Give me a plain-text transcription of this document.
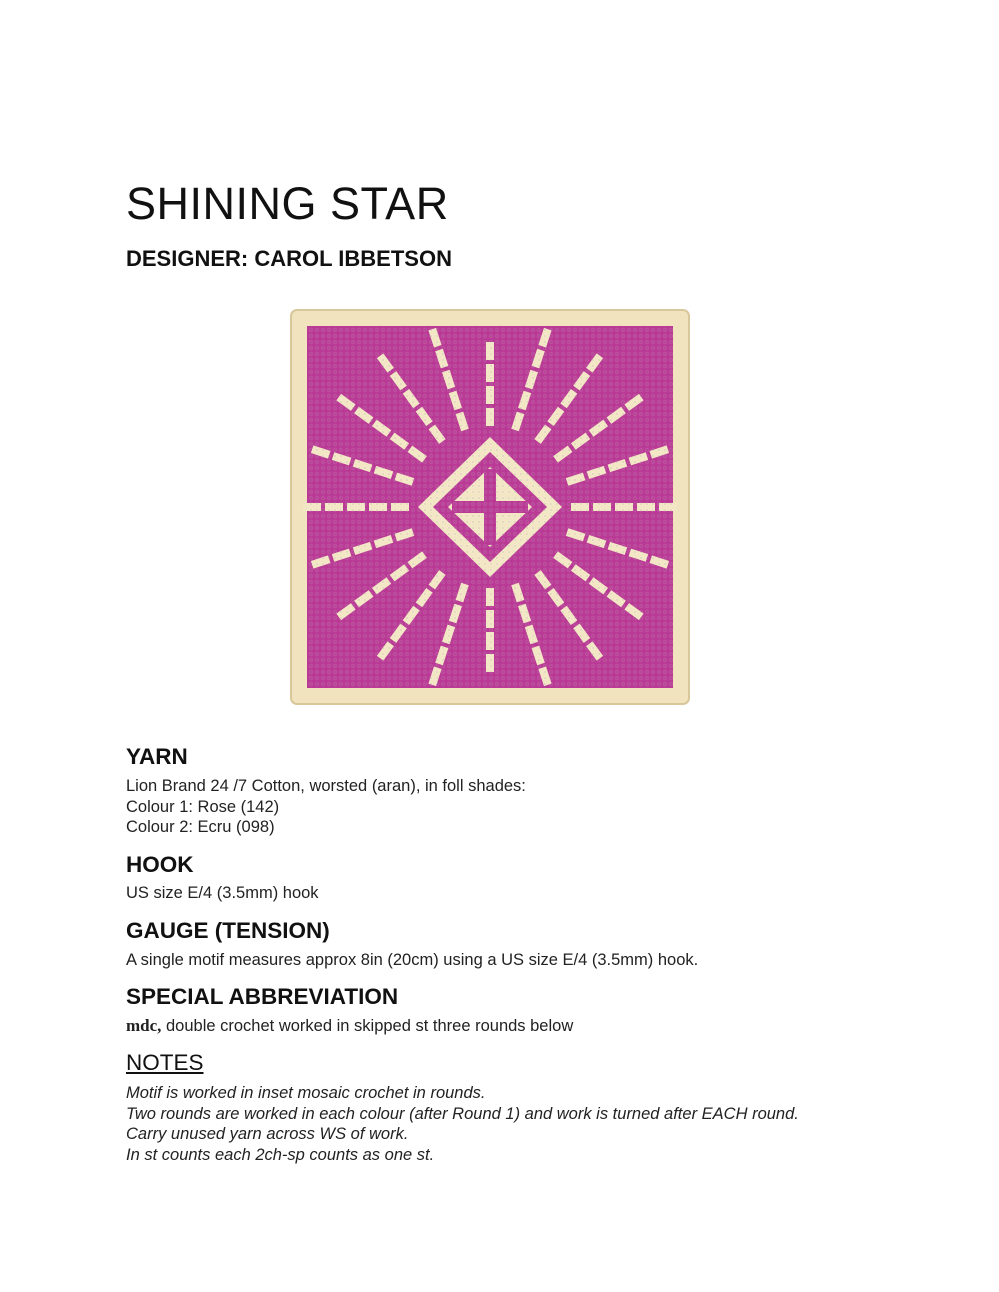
SHINING STAR
DESIGNER: CAROL IBBETSON
YARN
Lion Brand 24 /7 Cotton, worsted (aran), in foll shades:
Colour 1: Rose (142)
Colour 2: Ecru (098)
HOOK
US size E/4 (3.5mm) hook
GAUGE (TENSION)
A single motif measures approx 8in (20cm) using a US size E/4 (3.5mm) hook.
SPECIAL ABBREVIATION
mdc, double crochet worked in skipped st three rounds below
NOTES
Motif is worked in inset mosaic crochet in rounds.
Two rounds are worked in each colour (after Round 1) and work is turned after EACH round.
Carry unused yarn across WS of work.
In st counts each 2ch-sp counts as one st.
